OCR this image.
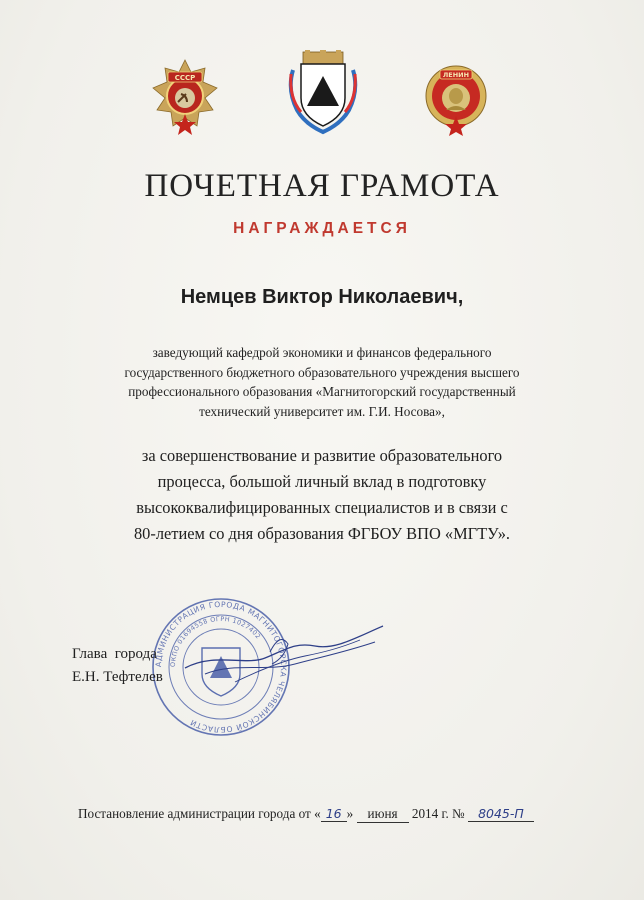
СССР	ЛЕНИН
ПОЧЕТНАЯ ГРАМОТА
НАГРАЖДАЕТСЯ
Немцев Виктор Николаевич,
заведующий кафедрой экономики и финансов федерального
государственного бюджетного образовательного учреждения высшего
профессионального образования «Магнитогорский государственный
технический университет им. Г.И. Носова»,
за совершенствование и развитие образовательного
процесса, большой личный вклад в подготовку
высококвалифицированных специалистов и в связи с
80-летием со дня образования ФГБОУ ВПО «МГТУ».
АДМИНИСТРАЦИЯ ГОРОДА МАГНИТОГОРСКА ЧЕЛЯБИНСКОЙ ОБЛАСТИ
ОКПО 01694558 ОГРН 1027402
Глава  города
Е.Н. Тефтелев
Постановление администрации города от « 16 » июня 2014 г. № 8045-П
